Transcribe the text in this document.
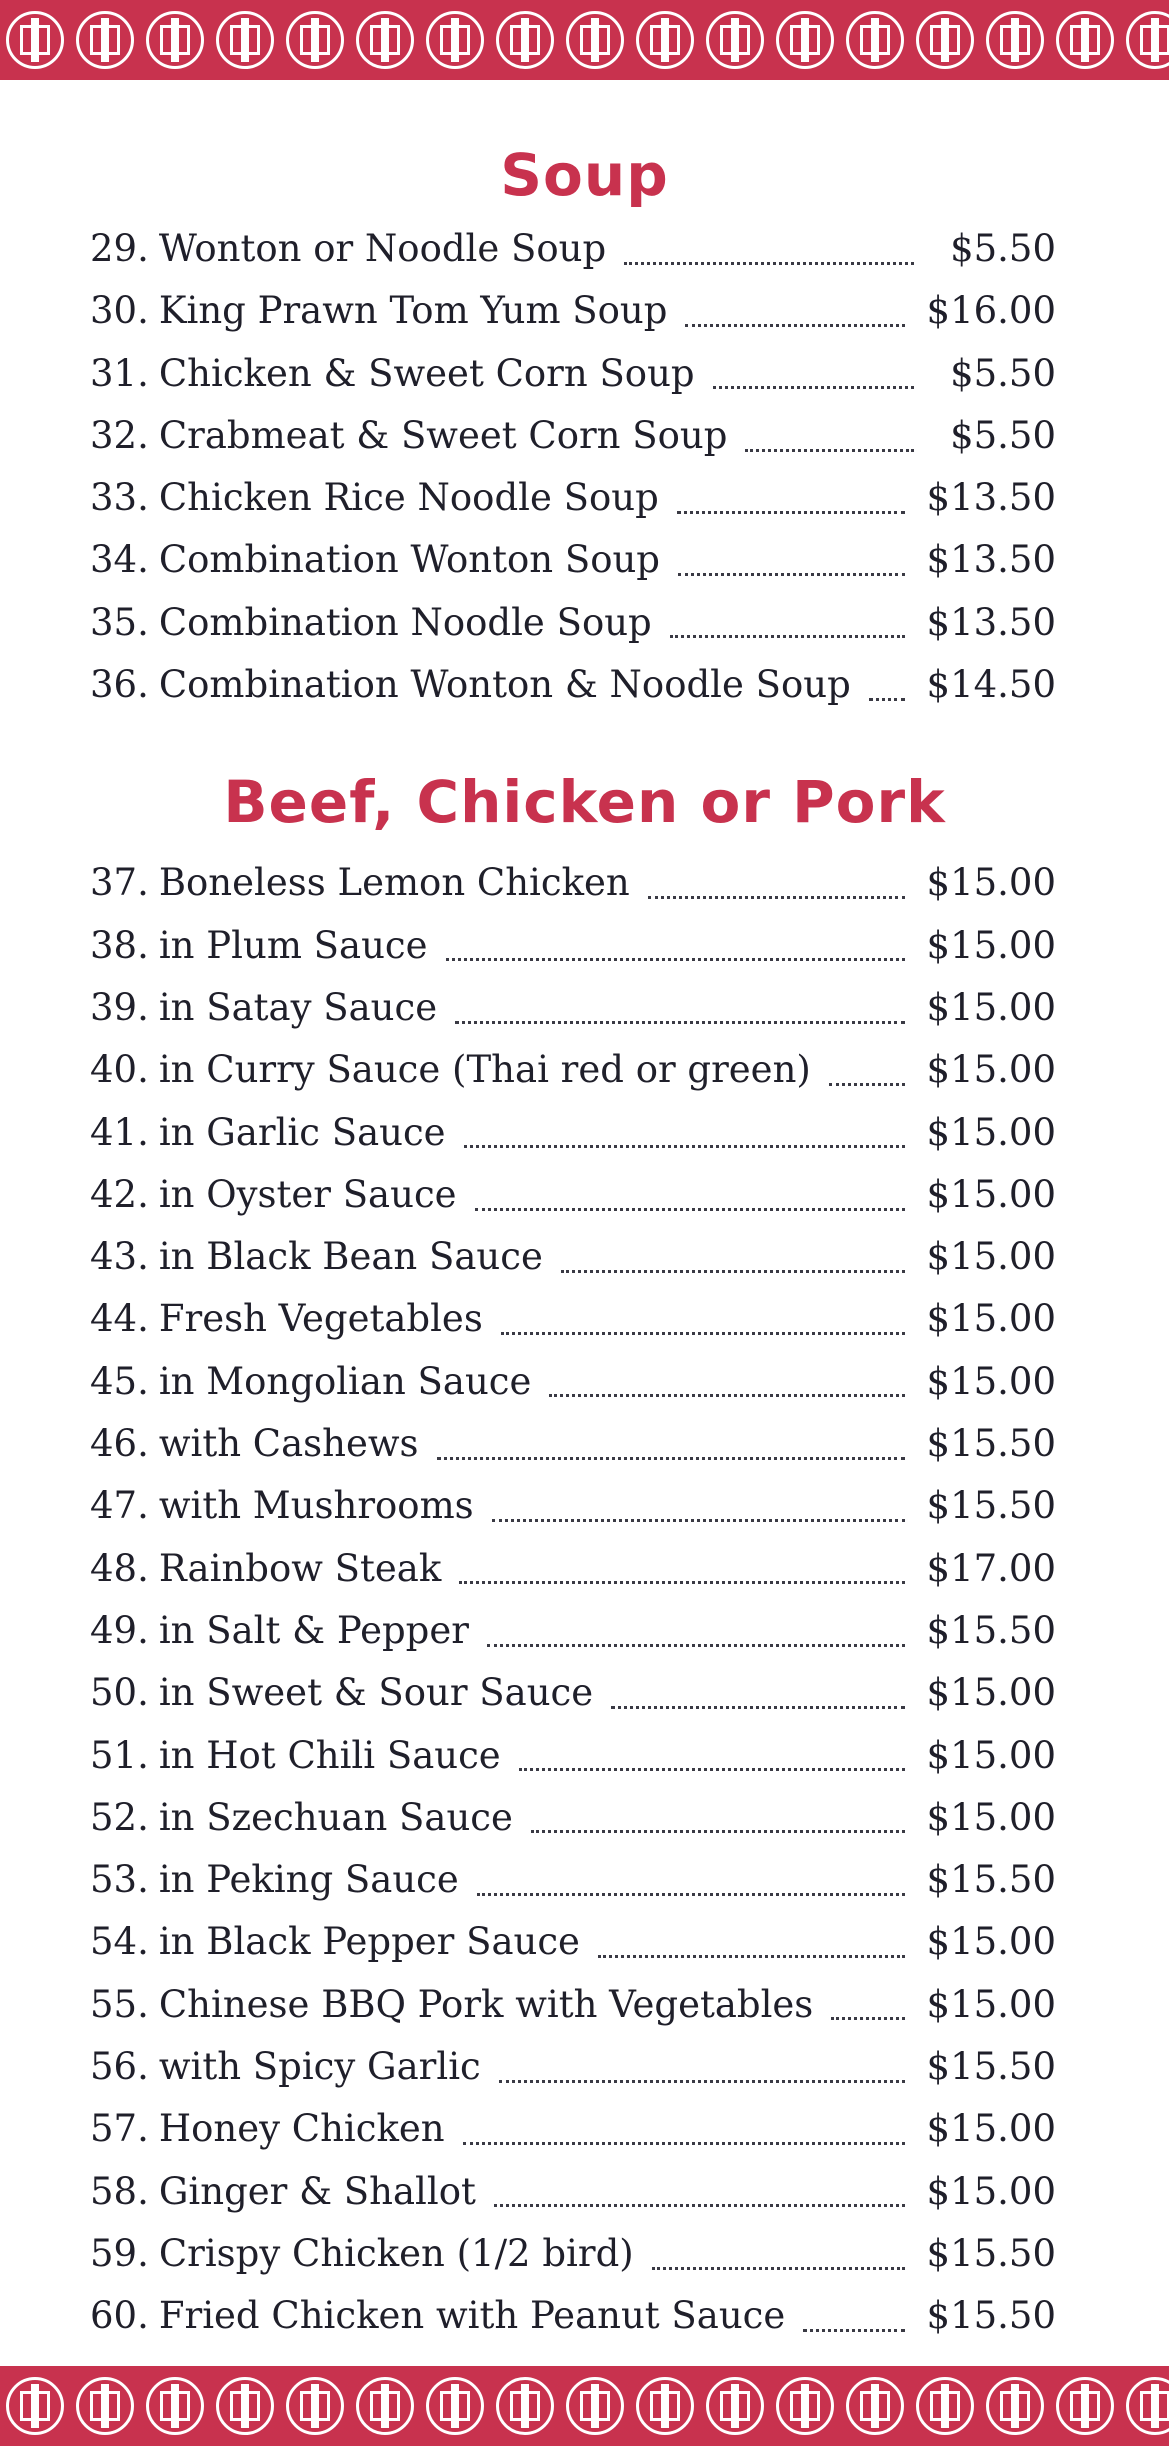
Soup
29. Wonton or Noodle Soup	$5.50
30. King Prawn Tom Yum Soup	$16.00
31. Chicken & Sweet Corn Soup	$5.50
32. Crabmeat & Sweet Corn Soup	$5.50
33. Chicken Rice Noodle Soup	$13.50
34. Combination Wonton Soup	$13.50
35. Combination Noodle Soup	$13.50
36. Combination Wonton & Noodle Soup $14.50
Beef, Chicken or Pork
37. Boneless Lemon Chicken	$15.00
38. in Plum Sauce	$15.00
39. in Satay Sauce	$15.00
40. in Curry Sauce (Thai red or green)	$15.00
41. in Garlic Sauce	$15.00
42. in Oyster Sauce	$15.00
43. in Black Bean Sauce	$15.00
44. Fresh Vegetables	$15.00
45. in Mongolian Sauce	$15.00
46. with Cashews	$15.50
47. with Mushrooms	$15.50
48. Rainbow Steak	$17.00
49. in Salt & Pepper	$15.50
50. in Sweet & Sour Sauce	$15.00
51. in Hot Chili Sauce	$15.00
52. in Szechuan Sauce	$15.00
53. in Peking Sauce	$15.50
54. in Black Pepper Sauce	$15.00
55. Chinese BBQ Pork with Vegetables	$15.00
56. with Spicy Garlic	$15.50
57. Honey Chicken	$15.00
58. Ginger & Shallot	$15.00
59. Crispy Chicken (1/2 bird)	$15.50
60. Fried Chicken with Peanut Sauce	$15.50
